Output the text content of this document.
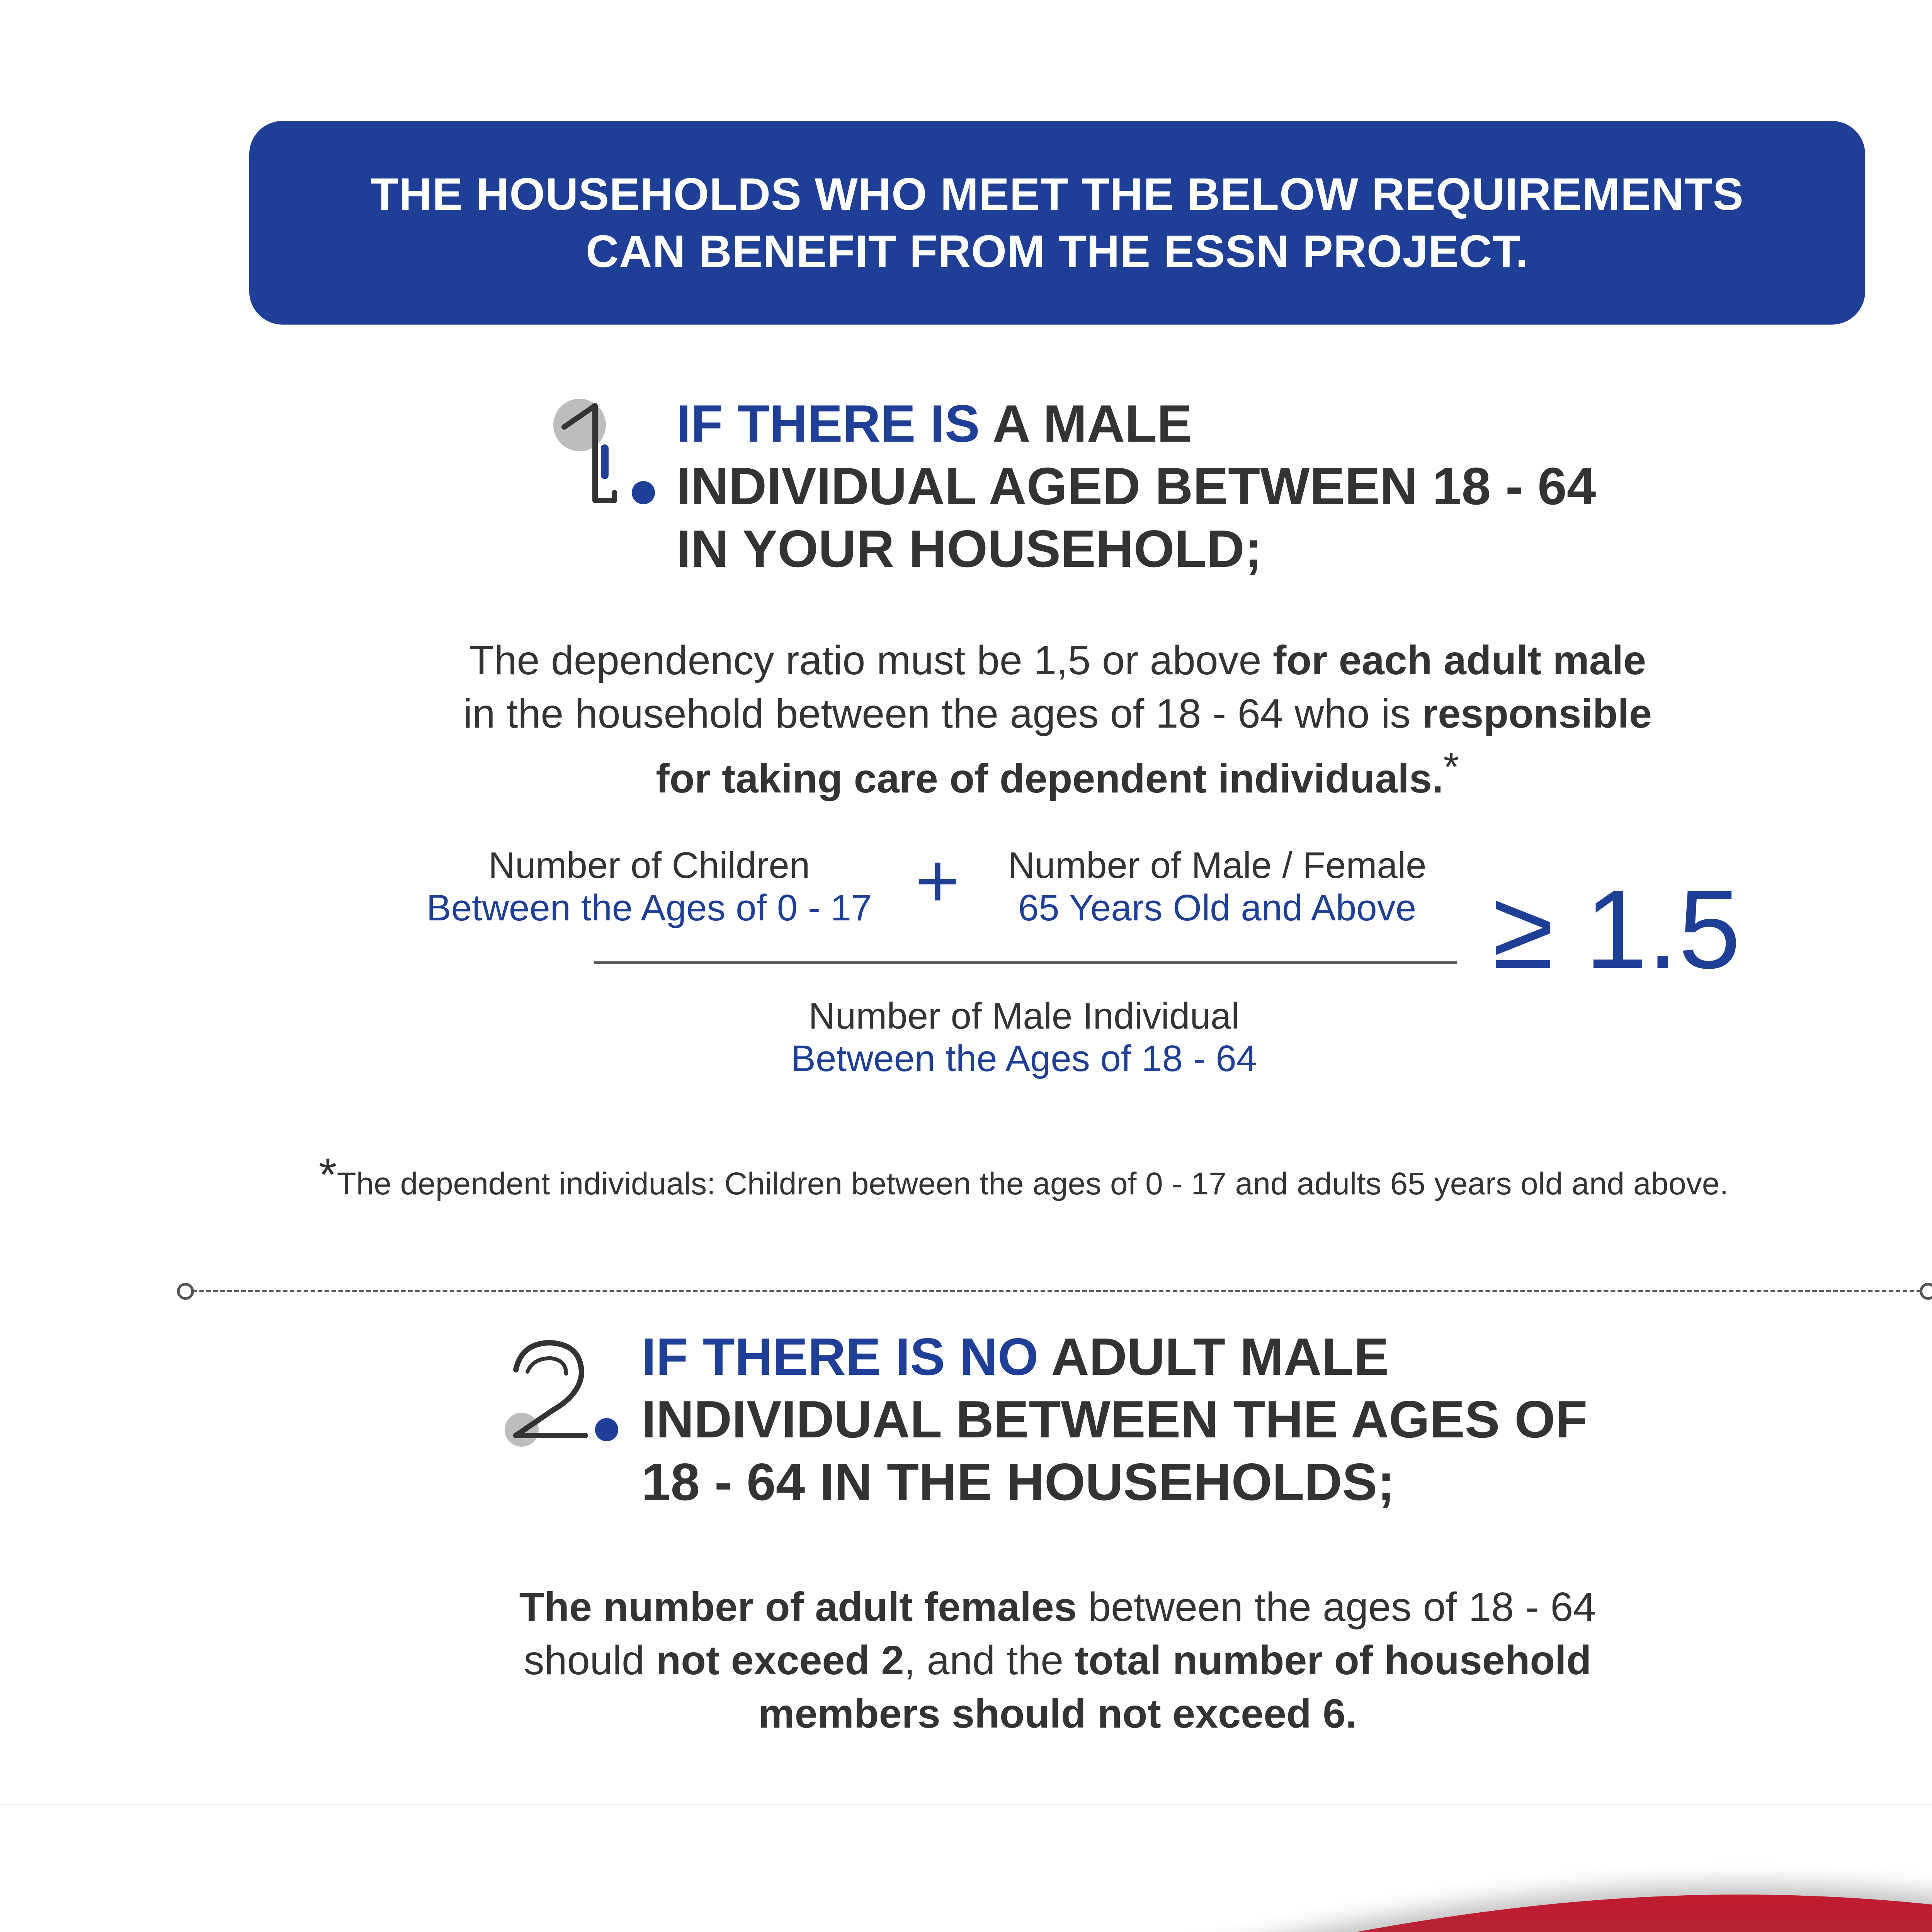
THE HOUSEHOLDS WHO MEET THE BELOW REQUIREMENTS
CAN BENEFIT FROM THE ESSN PROJECT.
IF THERE IS A MALE
INDIVIDUAL AGED BETWEEN 18 - 64
IN YOUR HOUSEHOLD;
The dependency ratio must be 1,5 or above for each adult male
in the household between the ages of 18 - 64 who is responsible
for taking care of dependent individuals.*
Number of Children
Between the Ages of 0 - 17 +	Number of Male / Female
65 Years Old and Above
Number of Male Individual
Between the Ages of 18 - 64
≥ 1.5
*The dependent individuals: Children between the ages of 0 - 17 and adults 65 years old and above.
IF THERE IS NO ADULT MALE
INDIVIDUAL BETWEEN THE AGES OF
18 - 64 IN THE HOUSEHOLDS;
The number of adult females between the ages of 18 - 64
should not exceed 2, and the total number of household
members should not exceed 6.
